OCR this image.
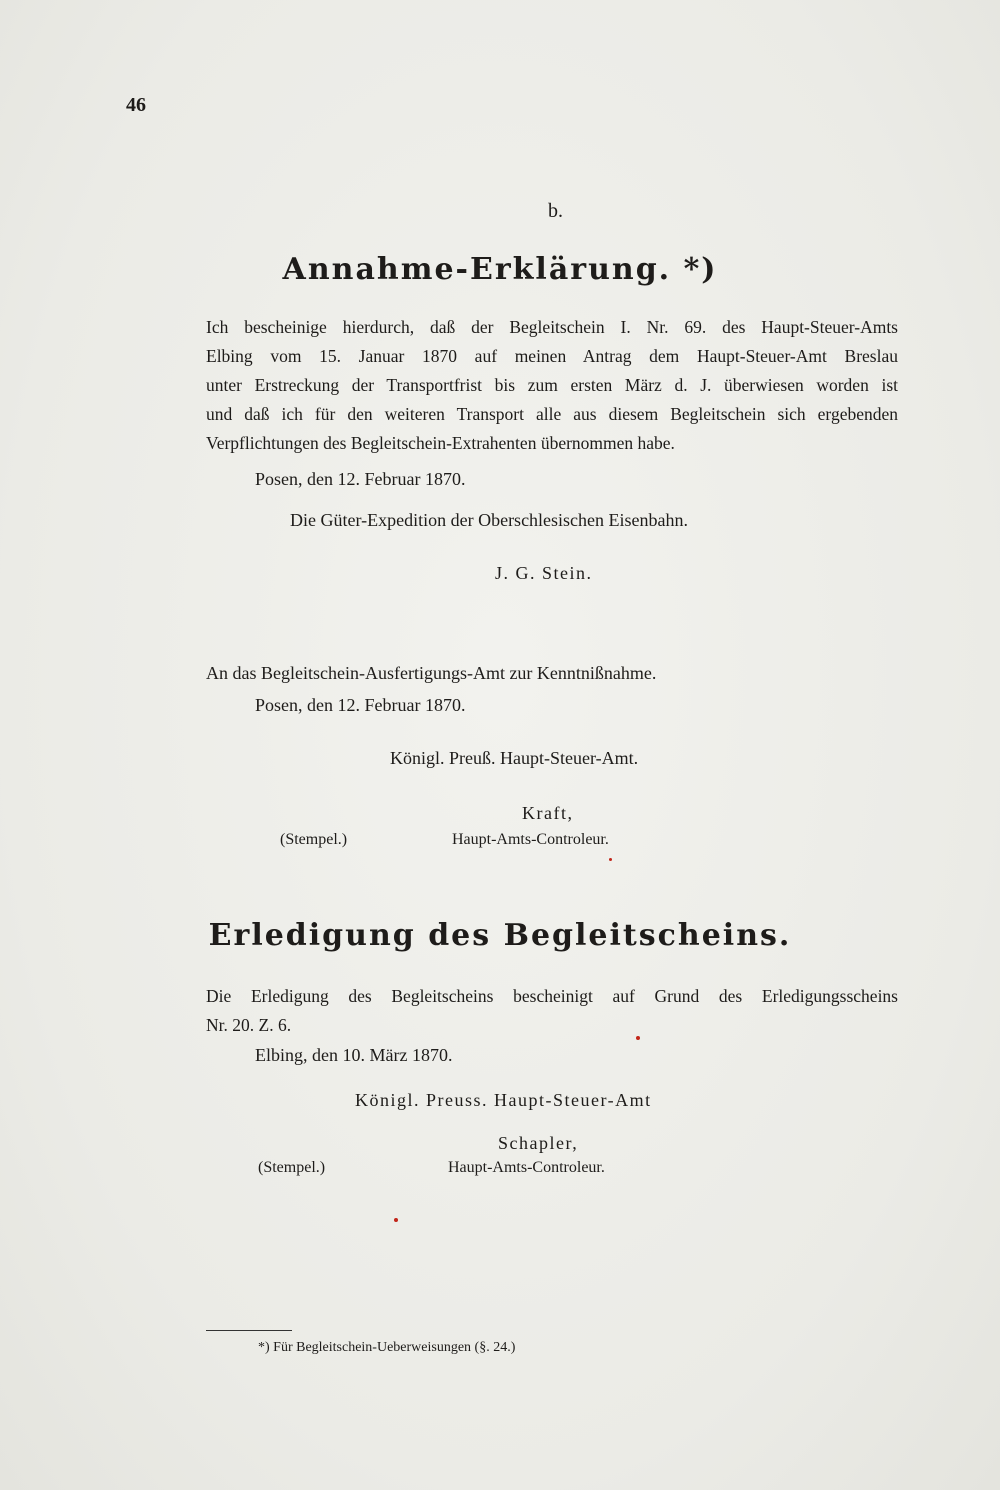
46
b.
Annahme-Erklärung. *)
Ich bescheinige hierdurch, daß der Begleitschein I. Nr. 69. des Haupt-Steuer-Amts
Elbing vom 15. Januar 1870 auf meinen Antrag dem Haupt-Steuer-Amt Breslau
unter Erstreckung der Transportfrist bis zum ersten März d. J. überwiesen worden ist
und daß ich für den weiteren Transport alle aus diesem Begleitschein sich ergebenden
Verpflichtungen des Begleitschein-Extrahenten übernommen habe.
Posen, den 12. Februar 1870.
Die Güter-Expedition der Oberschlesischen Eisenbahn.
J. G. Stein.
An das Begleitschein-Ausfertigungs-Amt zur Kenntnißnahme.
Posen, den 12. Februar 1870.
Königl. Preuß. Haupt-Steuer-Amt.
Kraft,
(Stempel.)	Haupt-Amts-Controleur.
Erledigung des Begleitscheins.
Die Erledigung des Begleitscheins bescheinigt auf Grund des Erledigungsscheins
Nr. 20. Z. 6.
Elbing, den 10. März 1870.
Königl. Preuss. Haupt-Steuer-Amt
Schapler,
(Stempel.)	Haupt-Amts-Controleur.
*) Für Begleitschein-Ueberweisungen (§. 24.)
